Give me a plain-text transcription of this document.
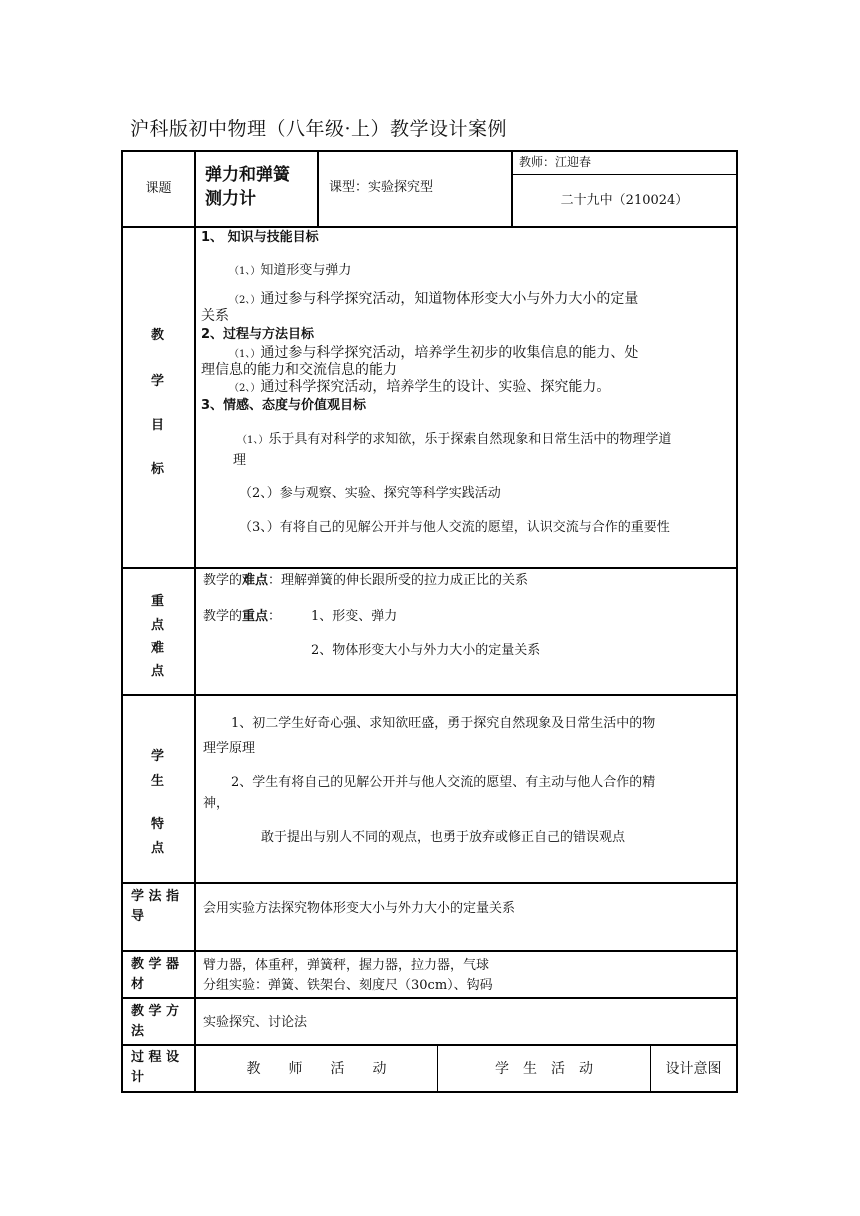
沪科版初中物理（八年级·上）教学设计案例
课题
弹力和弹簧
测力计
课型：实验探究型
教师：江迎春
二十九中（210024）
教
学
目
标
1、 知识与技能目标
（1、）知道形变与弹力
（2、）通过参与科学探究活动，知道物体形变大小与外力大小的定量
关系
2、过程与方法目标
（1、）通过参与科学探究活动，培养学生初步的收集信息的能力、处
理信息的能力和交流信息的能力
（2、）通过科学探究活动，培养学生的设计、实验、探究能力。
3、情感、态度与价值观目标
（1、）乐于具有对科学的求知欲，乐于探索自然现象和日常生活中的物理学道
理
（2、）参与观察、实验、探究等科学实践活动
（3、）有将自己的见解公开并与他人交流的愿望，认识交流与合作的重要性
重
点
难
点
教学的难点：理解弹簧的伸长跟所受的拉力成正比的关系
教学的重点： 1、形变、弹力
2、物体形变大小与外力大小的定量关系
学
生
特
点
1、初二学生好奇心强、求知欲旺盛，勇于探究自然现象及日常生活中的物
理学原理
2、学生有将自己的见解公开并与他人交流的愿望、有主动与他人合作的精
神，
敢于提出与别人不同的观点，也勇于放弃或修正自己的错误观点
学 法 指
导
会用实验方法探究物体形变大小与外力大小的定量关系
教 学 器
材
臂力器，体重秤，弹簧秤，握力器，拉力器，气球
分组实验：弹簧、铁架台、刻度尺（30cm）、钩码
教 学 方
法
实验探究、讨论法
过 程 设
计
教　　师　　活　　动	学　生　活　动	设计意图
